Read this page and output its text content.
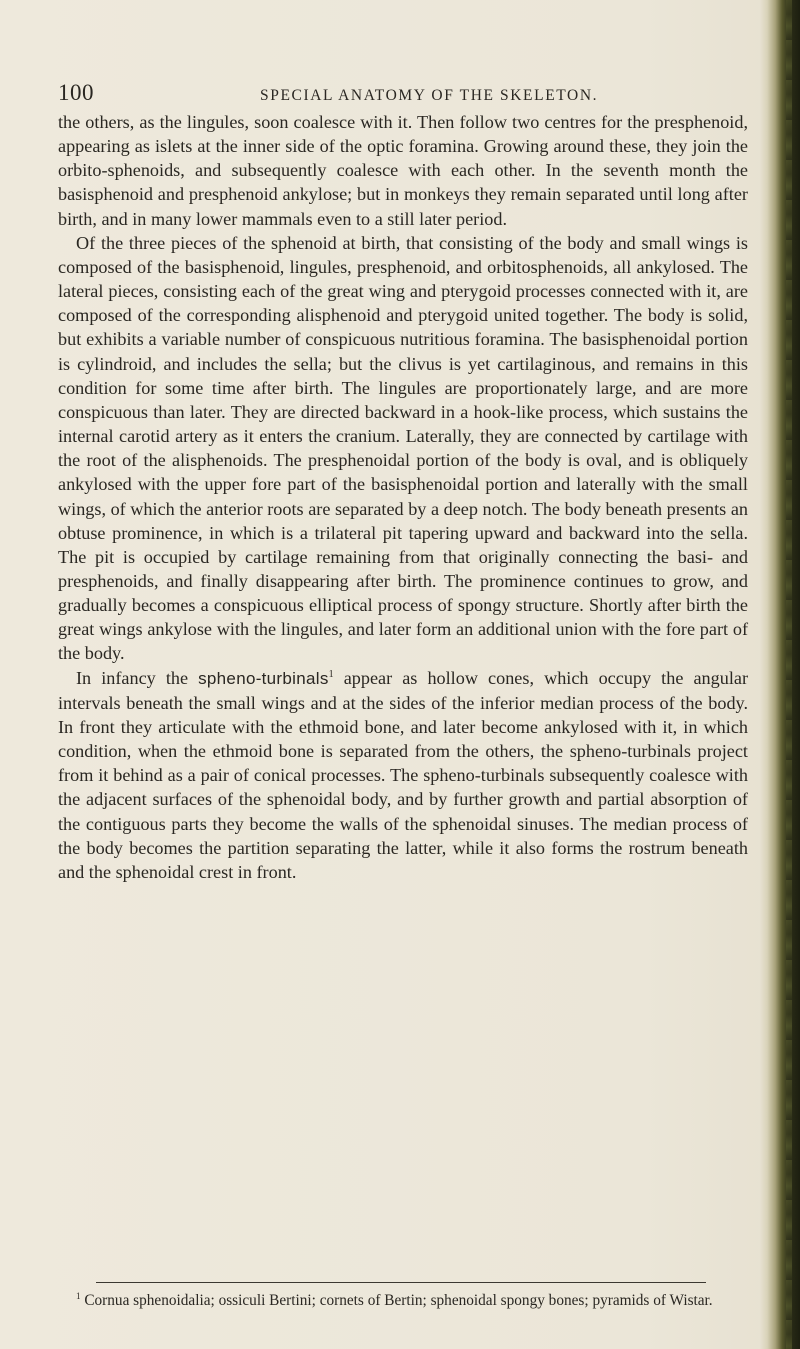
100	SPECIAL ANATOMY OF THE SKELETON.

the others, as the lingules, soon coalesce with it. Then follow two centres for the presphenoid, appearing as islets at the inner side of the optic foramina. Growing around these, they join the orbito-sphenoids, and subsequently coalesce with each other. In the seventh month the basisphenoid and presphenoid ankylose; but in monkeys they remain separated until long after birth, and in many lower mammals even to a still later period.

Of the three pieces of the sphenoid at birth, that consisting of the body and small wings is composed of the basisphenoid, lingules, presphenoid, and orbitosphenoids, all ankylosed. The lateral pieces, consisting each of the great wing and pterygoid processes connected with it, are composed of the corresponding alisphenoid and pterygoid united together. The body is solid, but exhibits a variable number of conspicuous nutritious foramina. The basisphenoidal portion is cylindroid, and includes the sella; but the clivus is yet cartilaginous, and remains in this condition for some time after birth. The lingules are proportionately large, and are more conspicuous than later. They are directed backward in a hook-like process, which sustains the internal carotid artery as it enters the cranium. Laterally, they are connected by cartilage with the root of the alisphenoids. The presphenoidal portion of the body is oval, and is obliquely ankylosed with the upper fore part of the basisphenoidal portion and laterally with the small wings, of which the anterior roots are separated by a deep notch. The body beneath presents an obtuse prominence, in which is a trilateral pit tapering upward and backward into the sella. The pit is occupied by cartilage remaining from that originally connecting the basi- and presphenoids, and finally disappearing after birth. The prominence continues to grow, and gradually becomes a conspicuous elliptical process of spongy structure. Shortly after birth the great wings ankylose with the lingules, and later form an additional union with the fore part of the body.

In infancy the spheno-turbinals$^1$ appear as hollow cones, which occupy the angular intervals beneath the small wings and at the sides of the inferior median process of the body. In front they articulate with the ethmoid bone, and later become ankylosed with it, in which condition, when the ethmoid bone is separated from the others, the spheno-turbinals project from it behind as a pair of conical processes. The spheno-turbinals subsequently coalesce with the adjacent surfaces of the sphenoidal body, and by further growth and partial absorption of the contiguous parts they become the walls of the sphenoidal sinuses. The median process of the body becomes the partition separating the latter, while it also forms the rostrum beneath and the sphenoidal crest in front.

$^1$ Cornua sphenoidalia; ossiculi Bertini; cornets of Bertin; sphenoidal spongy bones; pyramids of Wistar.
